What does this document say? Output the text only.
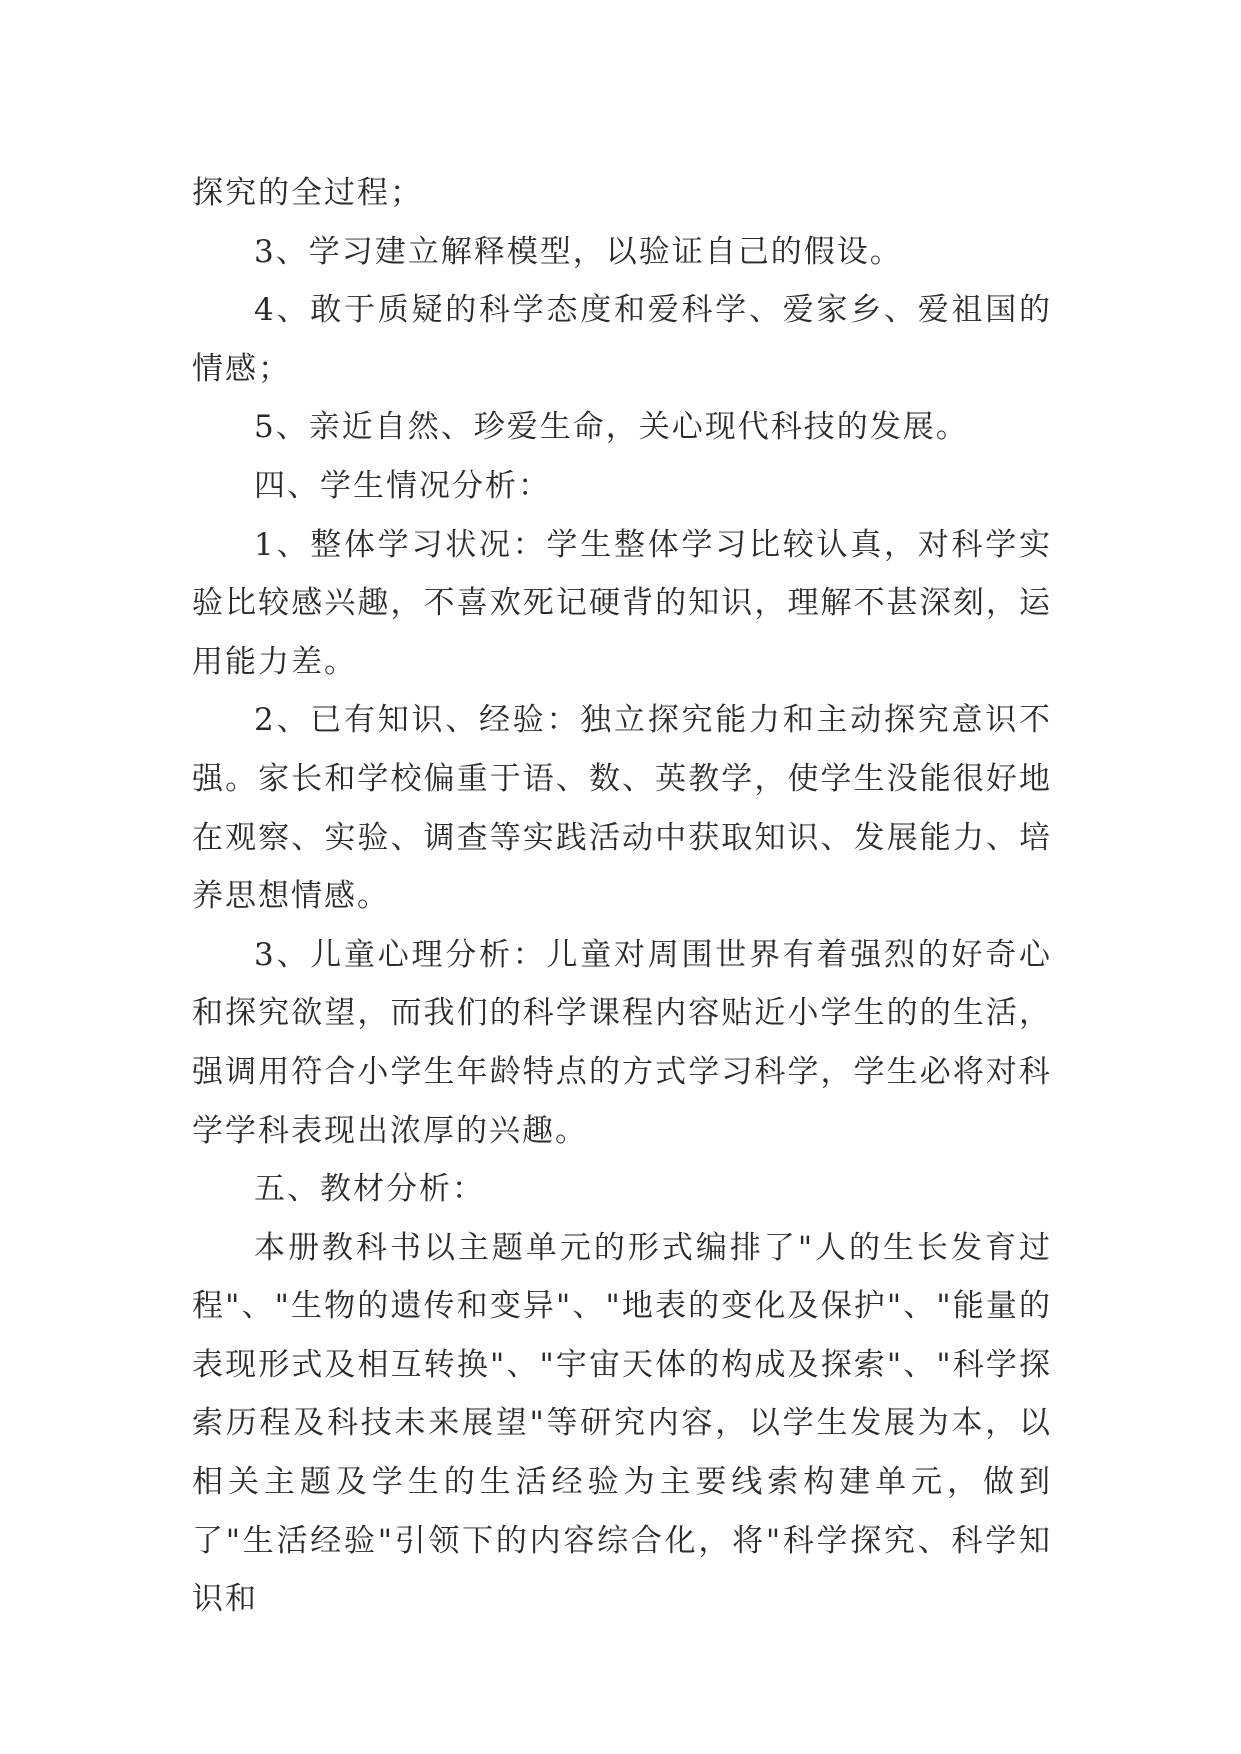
探究的全过程；

3、学习建立解释模型，以验证自己的假设。

4、敢于质疑的科学态度和爱科学、爱家乡、爱祖国的情感；

5、亲近自然、珍爱生命，关心现代科技的发展。

四、学生情况分析：

1、整体学习状况：学生整体学习比较认真，对科学实验比较感兴趣，不喜欢死记硬背的知识，理解不甚深刻，运用能力差。

2、已有知识、经验：独立探究能力和主动探究意识不强。家长和学校偏重于语、数、英教学，使学生没能很好地在观察、实验、调查等实践活动中获取知识、发展能力、培养思想情感。

3、儿童心理分析：儿童对周围世界有着强烈的好奇心和探究欲望，而我们的科学课程内容贴近小学生的的生活，强调用符合小学生年龄特点的方式学习科学，学生必将对科学学科表现出浓厚的兴趣。

五、教材分析：

本册教科书以主题单元的形式编排了"人的生长发育过程"、"生物的遗传和变异"、"地表的变化及保护"、"能量的表现形式及相互转换"、"宇宙天体的构成及探索"、"科学探索历程及科技未来展望"等研究内容，以学生发展为本，以相关主题及学生的生活经验为主要线索构建单元，做到了"生活经验"引领下的内容综合化，将"科学探究、科学知识和
